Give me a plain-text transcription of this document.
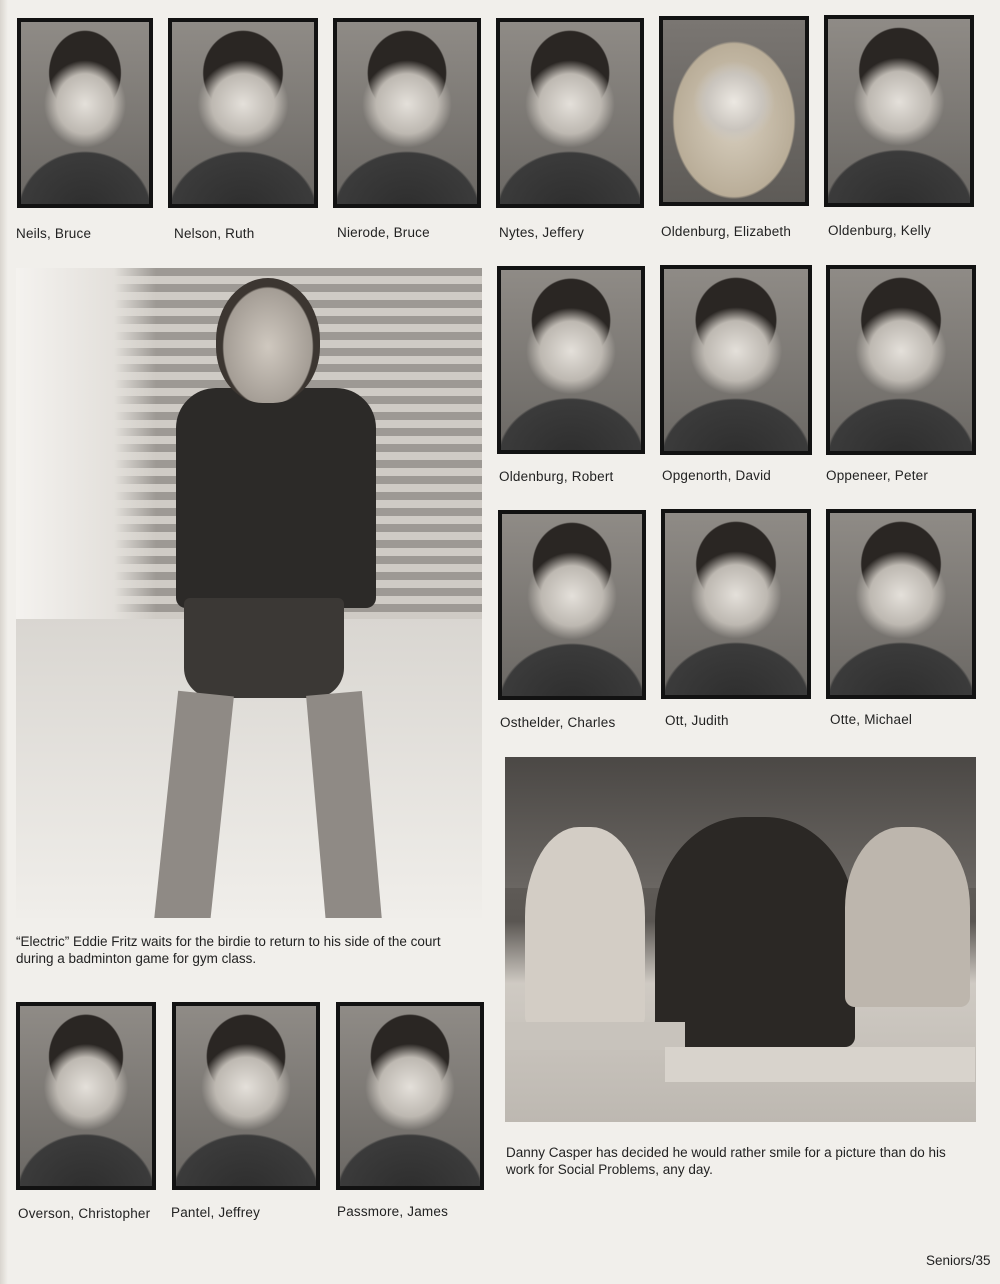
Neils, Bruce	Nelson, Ruth	Nierode, Bruce	Nytes, Jeffery	Oldenburg, Elizabeth	Oldenburg, Kelly
Oldenburg, Robert	Opgenorth, David	Oppeneer, Peter
Osthelder, Charles	Ott, Judith	Otte, Michael
“Electric” Eddie Fritz waits for the birdie to return to his side of the court
during a badminton game for gym class.
Danny Casper has decided he would rather smile for a picture than do his
work for Social Problems, any day.
Overson, Christopher Pantel, Jeffrey	Passmore, James
Seniors/35
